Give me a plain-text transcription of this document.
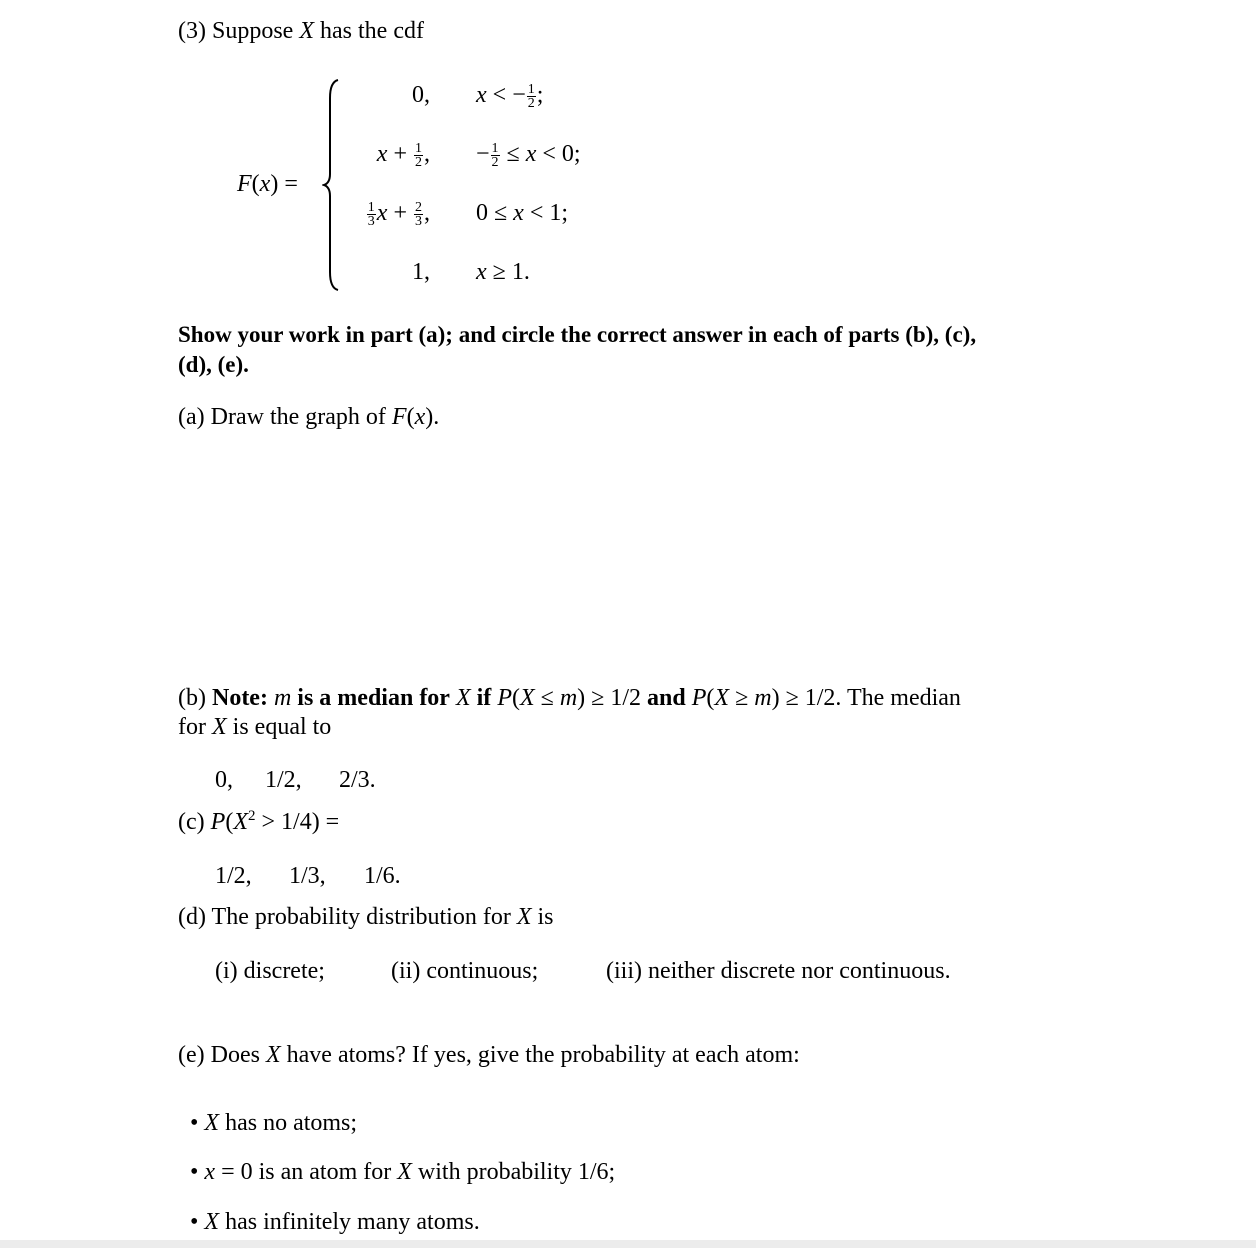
(3) Suppose X has the cdf
F(x) =
0, x < − $\frac{1}{2}$ ;
$x + \frac{1}{2}$ , − $\frac{1}{2} \le x < 0$;
$\frac{1}{3}$ $x + \frac{2}{3}$ , 0 ≤ x < 1;
1, x ≥ 1.
Show your work in part (a); and circle the correct answer in each of parts (b), (c),
(d), (e).
(a) Draw the graph of F(x).
(b) Note: m is a median for X if P(X ≤ m) ≥ 1/2 and P(X ≥ m) ≥ 1/2. The median
for X is equal to
0, 1/2, 2/3.
(c) $P(X^2 > 1/4)$ =
1/2, 1/3, 1/6.
(d) The probability distribution for X is
(i) discrete;	(ii) continuous;	(iii) neither discrete nor continuous.
(e) Does X have atoms? If yes, give the probability at each atom:
• X has no atoms;
• x = 0 is an atom for X with probability 1/6;
• X has infinitely many atoms.
